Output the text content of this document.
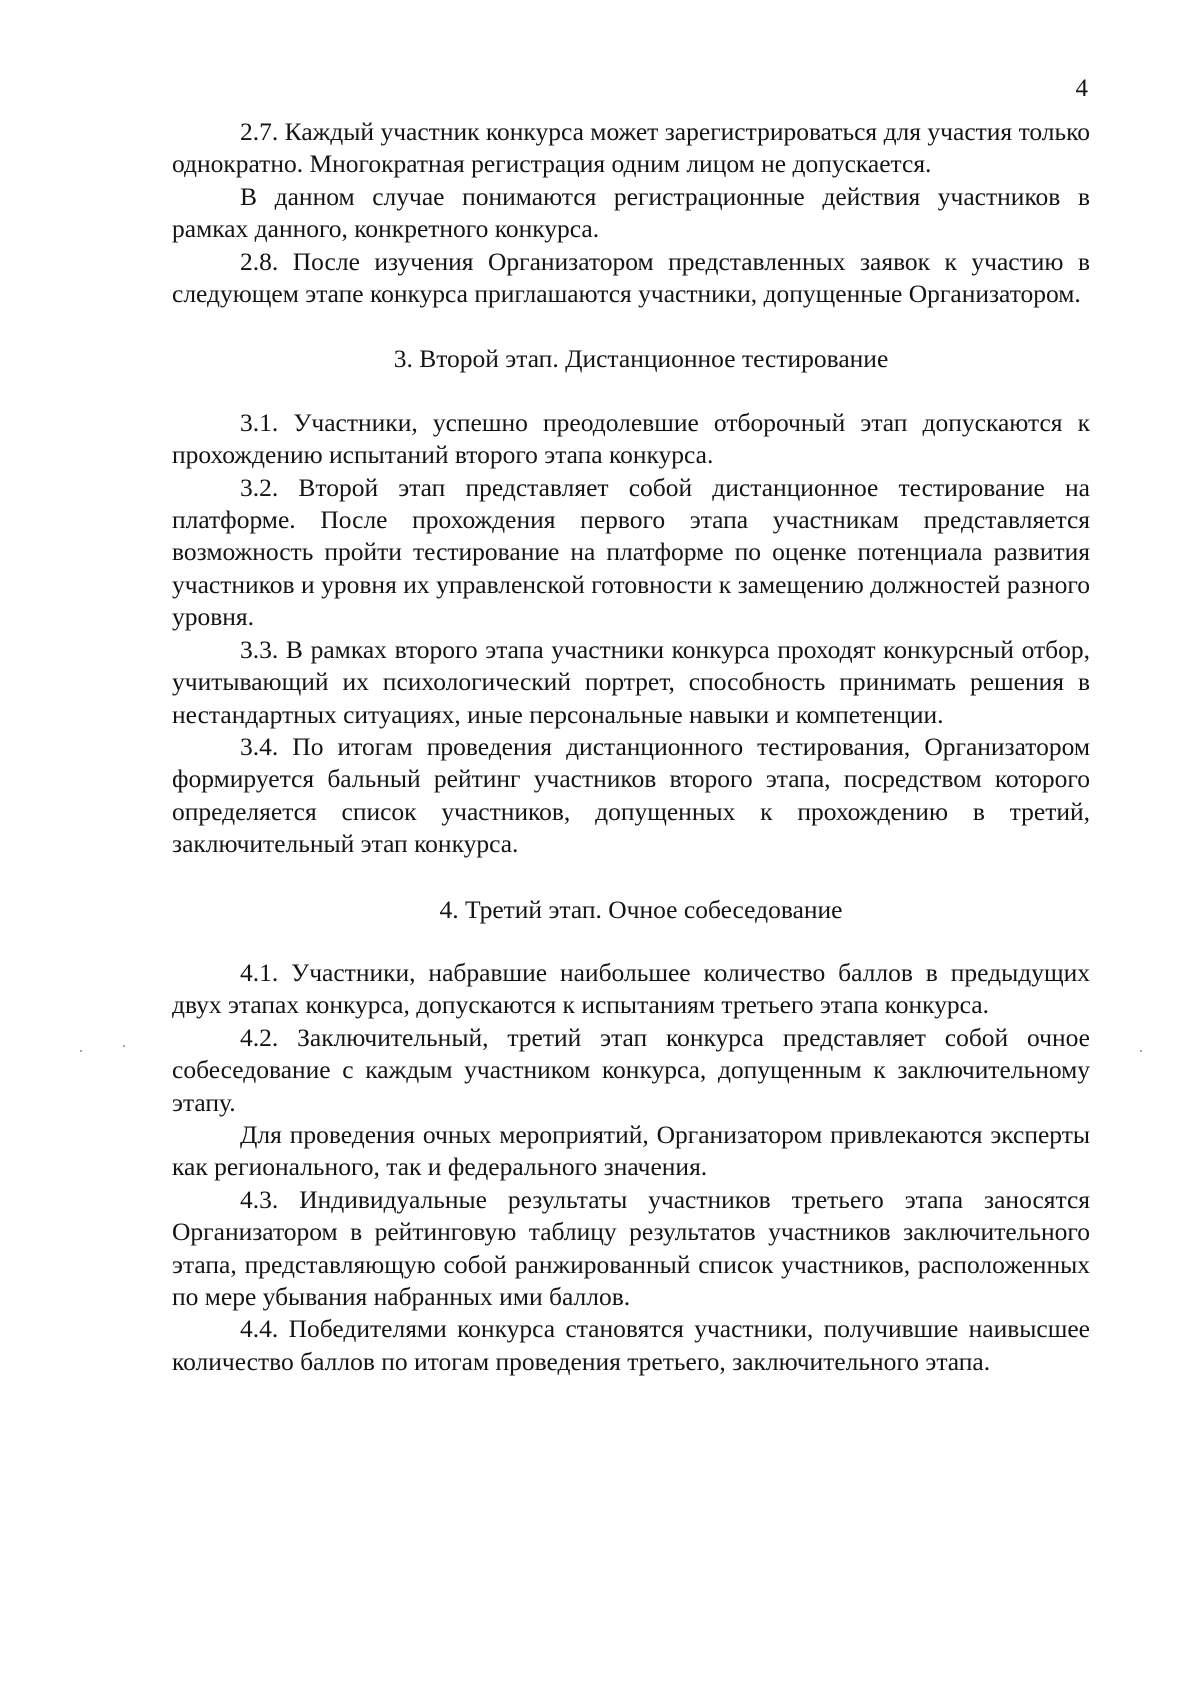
4

2.7. Каждый участник конкурса может зарегистрироваться для участия только однократно. Многократная регистрация одним лицом не допускается.

В данном случае понимаются регистрационные действия участников в рамках данного, конкретного конкурса.

2.8. После изучения Организатором представленных заявок к участию в следующем этапе конкурса приглашаются участники, допущенные Организатором.

3. Второй этап. Дистанционное тестирование

3.1. Участники, успешно преодолевшие отборочный этап допускаются к прохождению испытаний второго этапа конкурса.

3.2. Второй этап представляет собой дистанционное тестирование на платформе. После прохождения первого этапа участникам представляется возможность пройти тестирование на платформе по оценке потенциала развития участников и уровня их управленской готовности к замещению должностей разного уровня.

3.3. В рамках второго этапа участники конкурса проходят конкурсный отбор, учитывающий их психологический портрет, способность принимать решения в нестандартных ситуациях, иные персональные навыки и компетенции.

3.4. По итогам проведения дистанционного тестирования, Организатором формируется бальный рейтинг участников второго этапа, посредством которого определяется список участников, допущенных к прохождению в третий, заключительный этап конкурса.

4. Третий этап. Очное собеседование

4.1. Участники, набравшие наибольшее количество баллов в предыдущих двух этапах конкурса, допускаются к испытаниям третьего этапа конкурса.

4.2. Заключительный, третий этап конкурса представляет собой очное собеседование с каждым участником конкурса, допущенным к заключительному этапу.

Для проведения очных мероприятий, Организатором привлекаются эксперты как регионального, так и федерального значения.

4.3. Индивидуальные результаты участников третьего этапа заносятся Организатором в рейтинговую таблицу результатов участников заключительного этапа, представляющую собой ранжированный список участников, расположенных по мере убывания набранных ими баллов.

4.4. Победителями конкурса становятся участники, получившие наивысшее количество баллов по итогам проведения третьего, заключительного этапа.
